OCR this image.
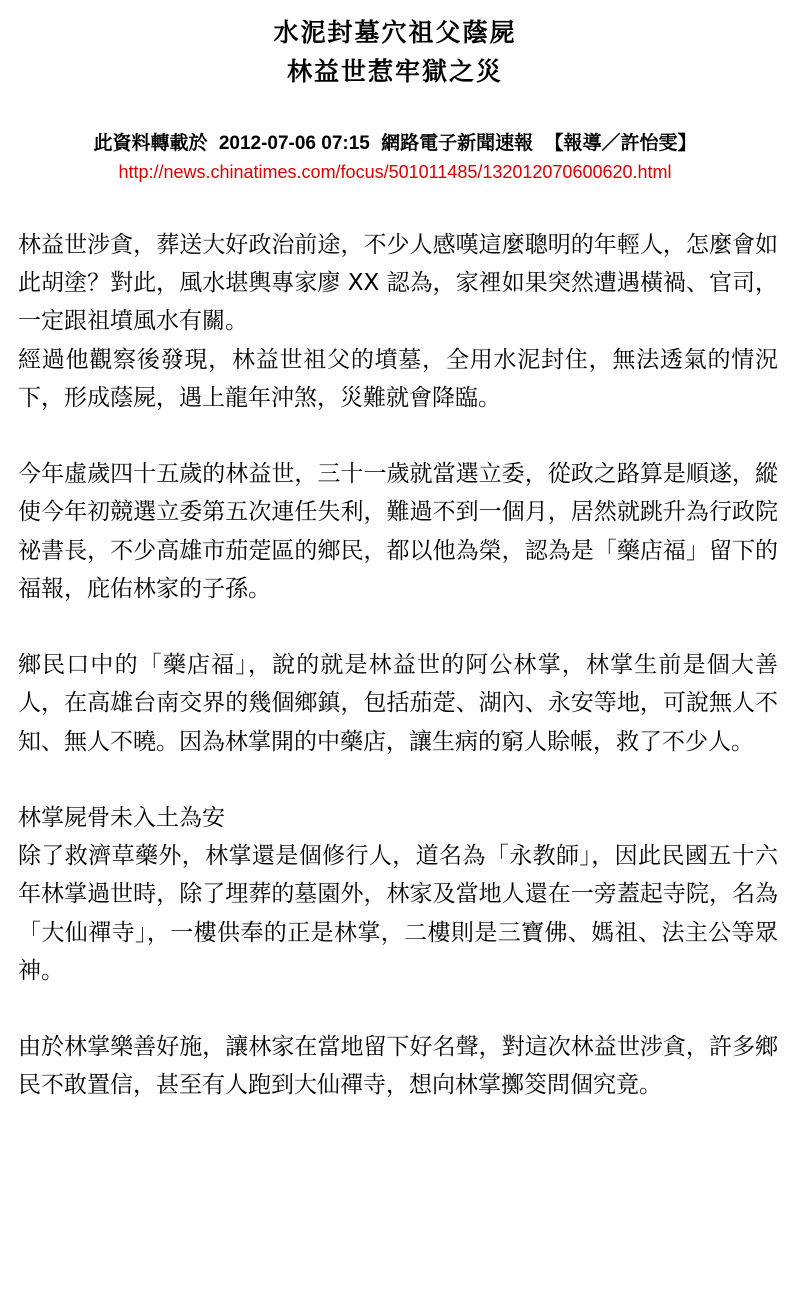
水泥封墓穴祖父蔭屍
林益世惹牢獄之災
此資料轉載於 2012-07-06 07:15 網路電子新聞速報 【報導／許怡雯】
http://news.chinatimes.com/focus/501011485/132012070600620.html

林益世涉貪，葬送大好政治前途，不少人感嘆這麼聰明的年輕人，怎麼會如此胡塗？對此，風水堪輿專家廖 XX 認為，家裡如果突然遭遇橫禍、官司，一定跟祖墳風水有關。

經過他觀察後發現，林益世祖父的墳墓，全用水泥封住，無法透氣的情況下，形成蔭屍，遇上龍年沖煞，災難就會降臨。

今年虛歲四十五歲的林益世，三十一歲就當選立委，從政之路算是順遂，縱使今年初競選立委第五次連任失利，難過不到一個月，居然就跳升為行政院祕書長，不少高雄市茄萣區的鄉民，都以他為榮，認為是「藥店福」留下的福報，庇佑林家的子孫。

鄉民口中的「藥店福」，說的就是林益世的阿公林掌，林掌生前是個大善人，在高雄台南交界的幾個鄉鎮，包括茄萣、湖內、永安等地，可說無人不知、無人不曉。因為林掌開的中藥店，讓生病的窮人賒帳，救了不少人。

林掌屍骨未入土為安

除了救濟草藥外，林掌還是個修行人，道名為「永教師」，因此民國五十六年林掌過世時，除了埋葬的墓園外，林家及當地人還在一旁蓋起寺院，名為「大仙禪寺」，一樓供奉的正是林掌，二樓則是三寶佛、媽祖、法主公等眾神。

由於林掌樂善好施，讓林家在當地留下好名聲，對這次林益世涉貪，許多鄉民不敢置信，甚至有人跑到大仙禪寺，想向林掌擲筊問個究竟。
